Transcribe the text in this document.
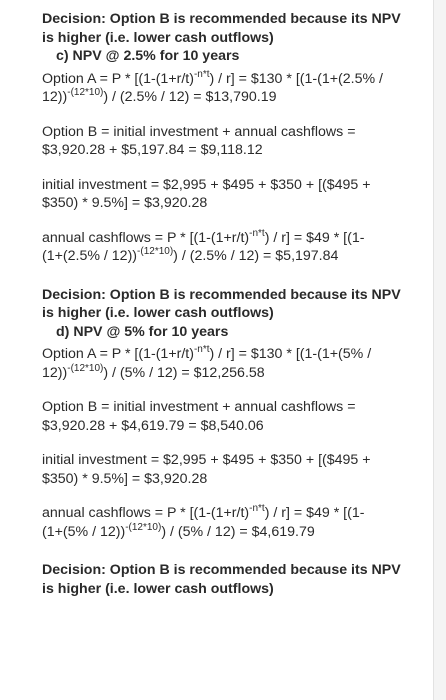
Decision: Option B is recommended because its NPV

is higher (i.e. lower cash outflows)

c) NPV @ 2.5% for 10 years

Option $A = P * [(1-(1+r/t)^{-n*t}) / r]$ = $130 * [(1-(1+(2.5% /

12))$^{-(12*10)}$) / (2.5% / 12) = $13,790.19

Option B = initial investment + annual cashflows =

$3,920.28 + $5,197.84 = $9,118.12

initial investment = $2,995 + $495 + $350 + [($495 +

$350) * 9.5%] = $3,920.28

annual cashflows = $P * [(1-(1+r/t)^{-n*t}) / r]$ = $49 * [(1-

$(1+(2.5\% / 12))^{-(12*10)}) / (2.5\% / 12)$ = $5,197.84

Decision: Option B is recommended because its NPV

is higher (i.e. lower cash outflows)

d) NPV @ 5% for 10 years

Option $A = P * [(1-(1+r/t)^{-n*t}) / r]$ = $130 * [(1-(1+(5% /

12))$^{-(12*10)}$) / (5% / 12) = $12,256.58

Option B = initial investment + annual cashflows =

$3,920.28 + $4,619.79 = $8,540.06

initial investment = $2,995 + $495 + $350 + [($495 +

$350) * 9.5%] = $3,920.28

annual cashflows = $P * [(1-(1+r/t)^{-n*t}) / r]$ = $49 * [(1-

$(1+(5\% / 12))^{-(12*10)}) / (5\% / 12)$ = $4,619.79

Decision: Option B is recommended because its NPV

is higher (i.e. lower cash outflows)
